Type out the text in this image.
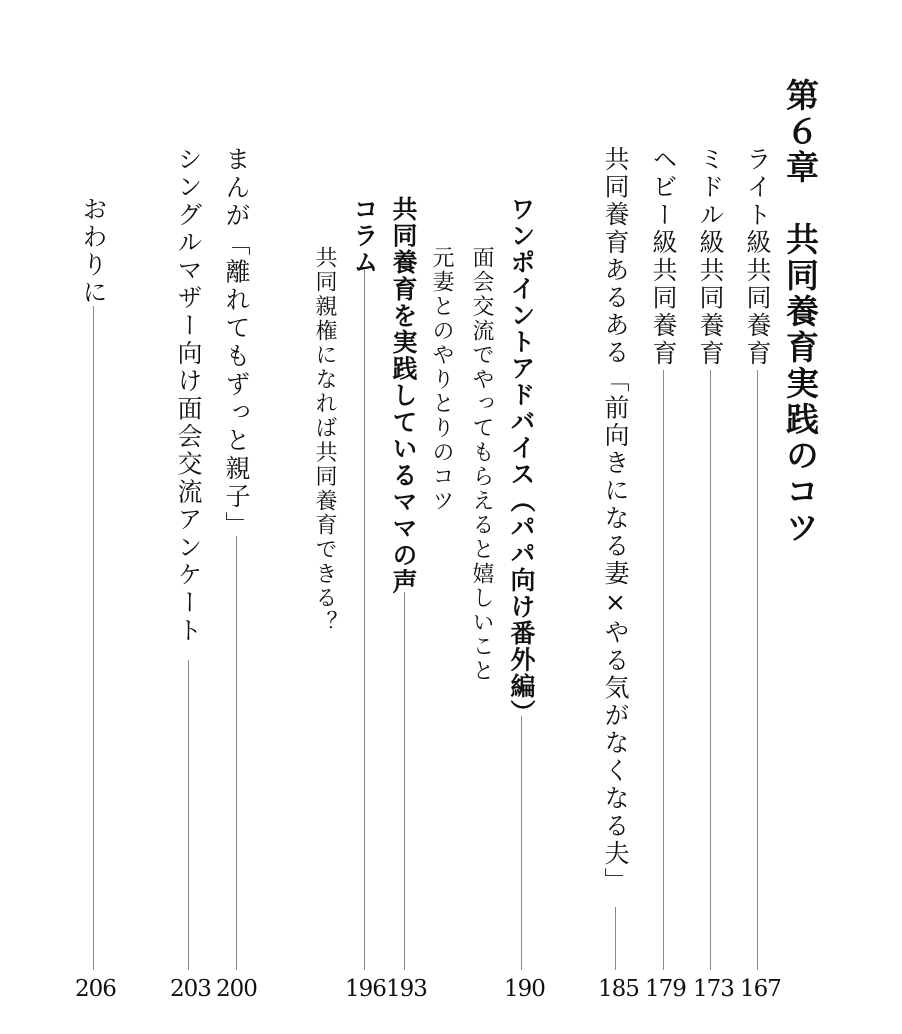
第６章　共同養育実践のコツ
ライト級共同養育
167
ミドル級共同養育
173
ヘビー級共同養育
179
共同養育あるある「前向きになる妻×やる気がなくなる夫」
185
ワンポイントアドバイス（パパ向け番外編）
190
面会交流でやってもらえると嬉しいこと
元妻とのやりとりのコツ
共同養育を実践しているママの声
193
コラム
196
共同親権になれば共同養育できる？
まんが「離れてもずっと親子」
200
シングルマザー向け面会交流アンケート
203
おわりに
206
